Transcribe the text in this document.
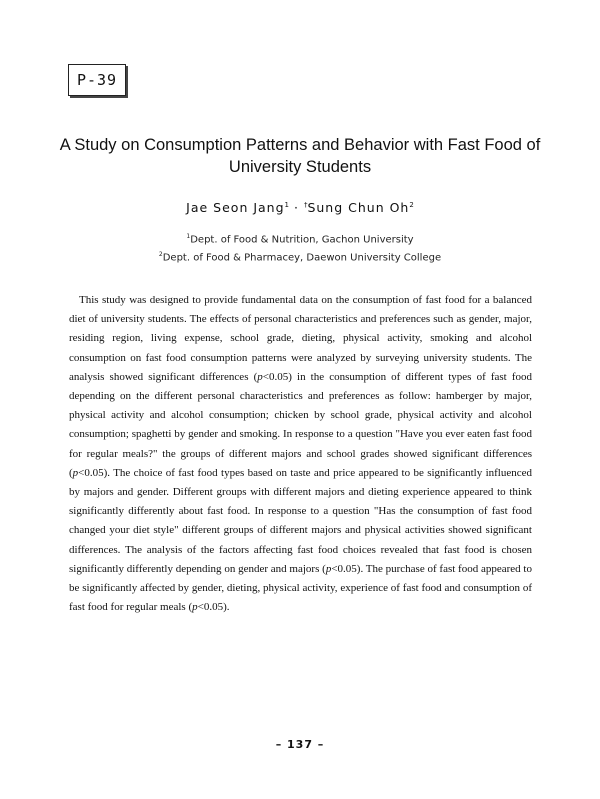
P-39
A Study on Consumption Patterns and Behavior with Fast Food of
University Students
Jae Seon Jang$^1$ · †Sung Chun Oh$^2$
$^1$Dept. of Food & Nutrition, Gachon University
$^2$Dept. of Food & Pharmacey, Daewon University College

This study was designed to provide fundamental data on the consumption of fast food for a balanced diet of university students. The effects of personal characteristics and preferences such as gender, major, residing region, living expense, school grade, dieting, physical activity, smoking and alcohol consumption on fast food consumption patterns were analyzed by surveying university students. The analysis showed significant differences (p<0.05) in the consumption of different types of fast food depending on the different personal characteristics and preferences as follow: hamberger by major, physical activity and alcohol consumption; chicken by school grade, physical activity and alcohol consumption; spaghetti by gender and smoking. In response to a question "Have you ever eaten fast food for regular meals?" the groups of different majors and school grades showed significant differences (p<0.05). The choice of fast food types based on taste and price appeared to be significantly influenced by majors and gender. Different groups with different majors and dieting experience appeared to think significantly differently about fast food. In response to a question "Has the consumption of fast food changed your diet style" different groups of different majors and physical activities showed significant differences. The analysis of the factors affecting fast food choices revealed that fast food is chosen significantly differently depending on gender and majors (p<0.05). The purchase of fast food appeared to be significantly affected by gender, dieting, physical activity, experience of fast food and consumption of fast food for regular meals (p<0.05).

– 137 –
